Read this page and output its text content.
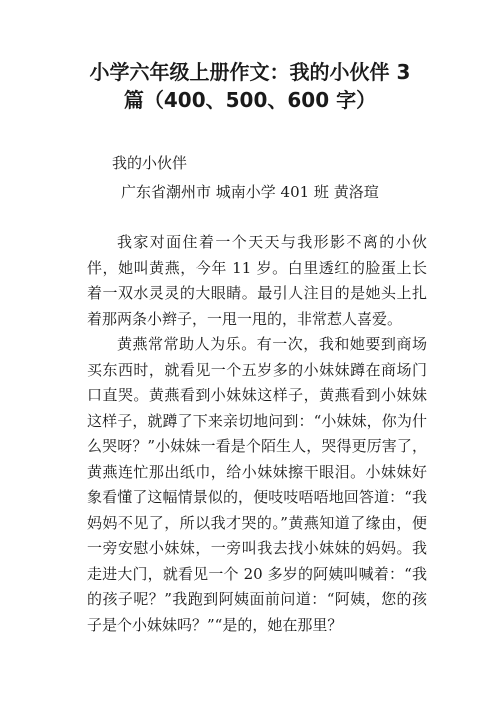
小学六年级上册作文：我的小伙伴 3
篇（400、500、600 字）
我的小伙伴
广东省潮州市 城南小学 401 班 黄洛瑄

我家对面住着一个天天与我形影不离的小伙伴，她叫黄燕，今年 11 岁。白里透红的脸蛋上长着一双水灵灵的大眼睛。最引人注目的是她头上扎着那两条小辫子，一甩一甩的，非常惹人喜爱。

黄燕常常助人为乐。有一次，我和她要到商场买东西时，就看见一个五岁多的小妹妹蹲在商场门口直哭。黄燕看到小妹妹这样子，黄燕看到小妹妹这样子，就蹲了下来亲切地问到：“小妹妹，你为什么哭呀？”小妹妹一看是个陌生人，哭得更厉害了，黄燕连忙那出纸巾，给小妹妹擦干眼泪。小妹妹好象看懂了这幅情景似的，便吱吱唔唔地回答道：“我妈妈不见了，所以我才哭的。”黄燕知道了缘由，便一旁安慰小妹妹，一旁叫我去找小妹妹的妈妈。我走进大门，就看见一个 20 多岁的阿姨叫喊着：“我的孩子呢？”我跑到阿姨面前问道：“阿姨，您的孩子是个小妹妹吗？”“是的，她在那里？
